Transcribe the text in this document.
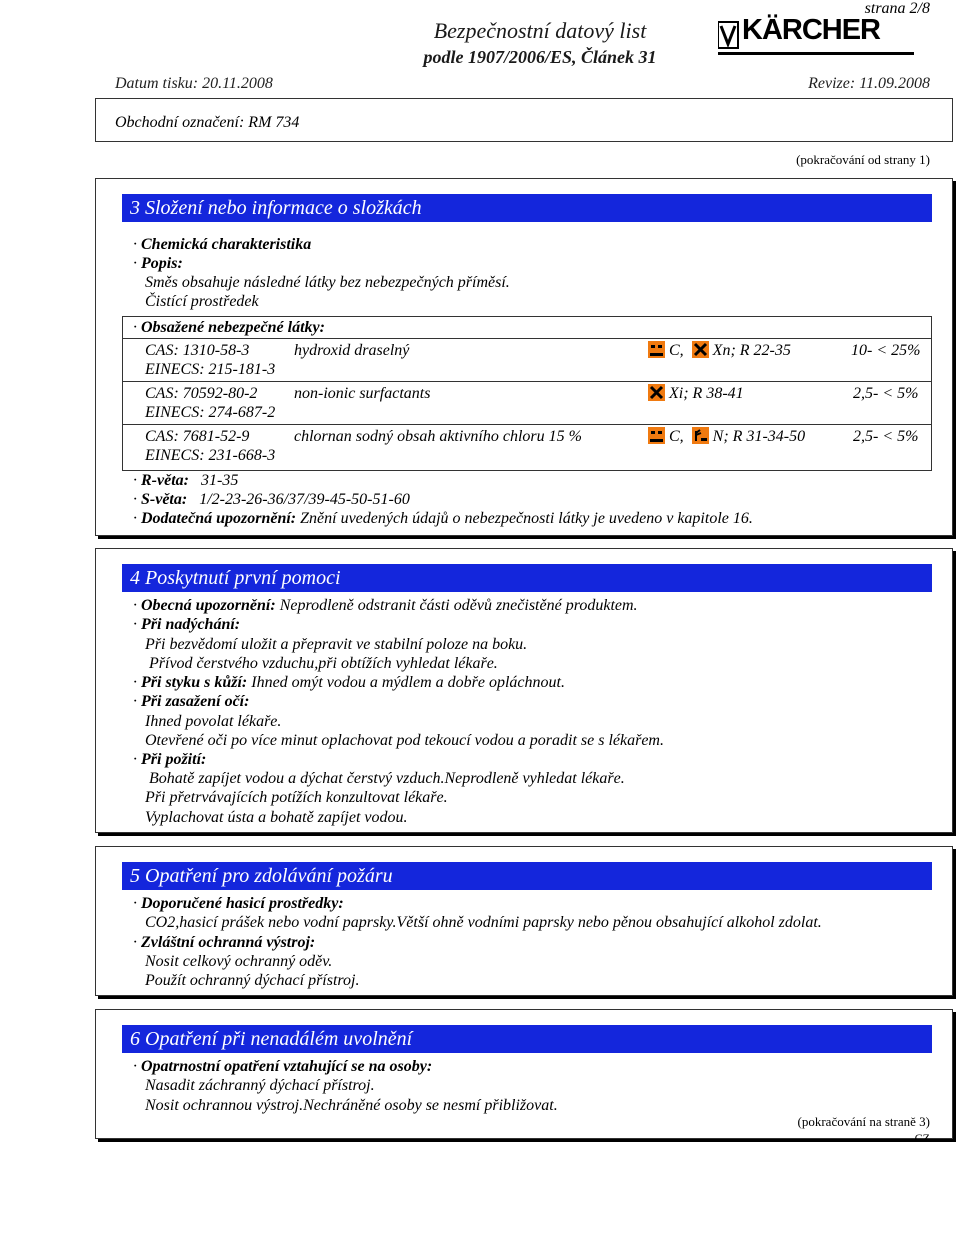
strana 2/8
Bezpečnostní datový list
podle 1907/2006/ES, Článek 31
KÄRCHER
Datum tisku: 20.11.2008	Revize: 11.09.2008
Obchodní označení: RM 734
(pokračování od strany 1)
3 Složení nebo informace o složkách
· Chemická charakteristika
· Popis:
Směs obsahuje následné látky bez nebezpečných příměsí.
Čistící prostředek
· Obsažené nebezpečné látky:
CAS: 1310-58-3
EINECS: 215-181-3
hydroxid draselný	C, Xn; R 22-35	10- < 25%
CAS: 70592-80-2
EINECS: 274-687-2
non-ionic surfactants	Xi; R 38-41	2,5- < 5%
CAS: 7681-52-9
EINECS: 231-668-3
chlornan sodný obsah aktivního chloru 15 %	C, N; R 31-34-50	2,5- < 5%
· R-věta: 31-35
· S-věta: 1/2-23-26-36/37/39-45-50-51-60
· Dodatečná upozornění: Znění uvedených údajů o nebezpečnosti látky je uvedeno v kapitole 16.
4 Poskytnutí první pomoci
· Obecná upozornění: Neprodleně odstranit části oděvů znečistěné produktem.
· Při nadýchání:
Při bezvědomí uložit a přepravit ve stabilní poloze na boku.
Přívod čerstvého vzduchu,při obtížích vyhledat lékaře.
· Při styku s kůží: Ihned omýt vodou a mýdlem a dobře opláchnout.
· Při zasažení očí:
Ihned povolat lékaře.
Otevřené oči po více minut oplachovat pod tekoucí vodou a poradit se s lékařem.
· Při požití:
Bohatě zapíjet vodou a dýchat čerstvý vzduch.Neprodleně vyhledat lékaře.
Při přetrvávajících potížích konzultovat lékaře.
Vyplachovat ústa a bohatě zapíjet vodou.
5 Opatření pro zdolávání požáru
· Doporučené hasicí prostředky:
CO2,hasicí prášek nebo vodní paprsky.Větší ohně vodními paprsky nebo pěnou obsahující alkohol zdolat.
· Zvláštní ochranná výstroj:
Nosit celkový ochranný oděv.
Použít ochranný dýchací přístroj.
6 Opatření při nenadálém uvolnění
· Opatrnostní opatření vztahující se na osoby:
Nasadit záchranný dýchací přístroj.
Nosit ochrannou výstroj.Nechráněné osoby se nesmí přibližovat.
(pokračování na straně 3)
CZ
